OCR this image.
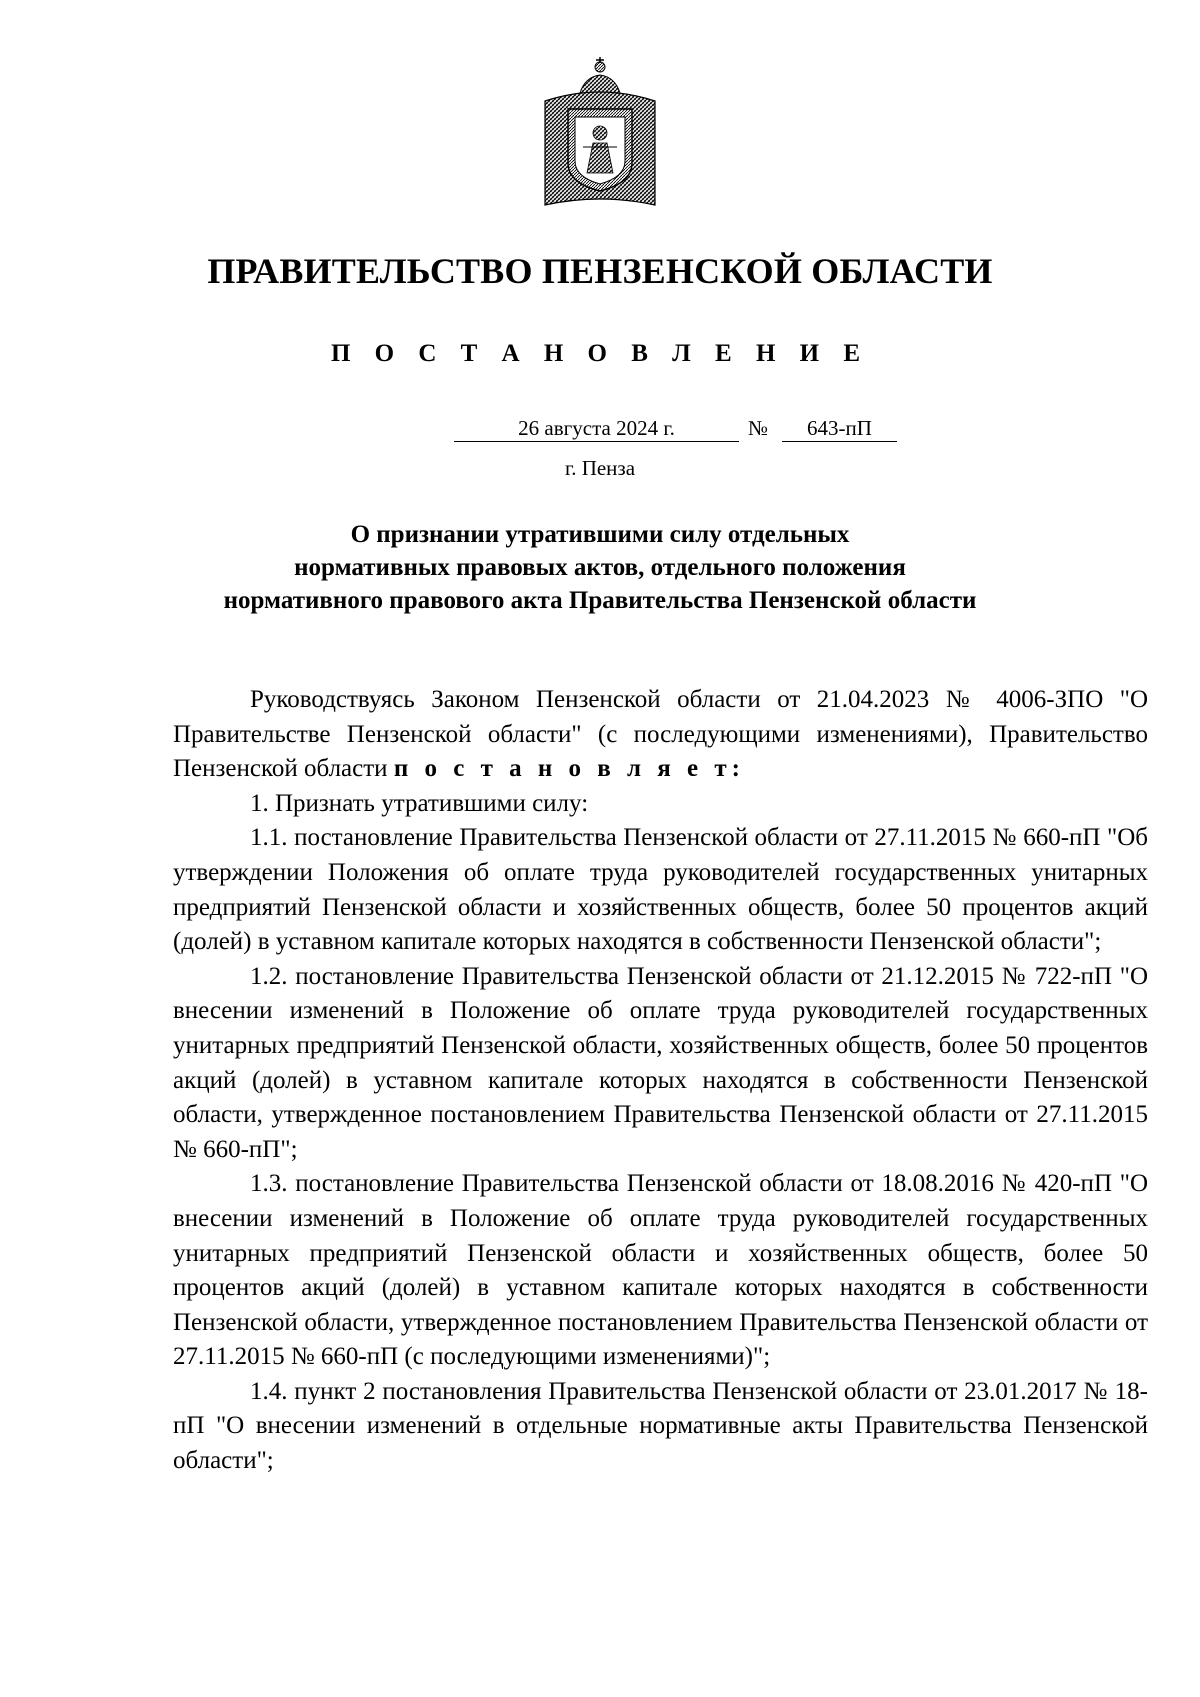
ПРАВИТЕЛЬСТВО ПЕНЗЕНСКОЙ ОБЛАСТИ
П О С Т А Н О В Л Е Н И Е
26 августа 2024 г.	№	643-пП
г. Пенза
О признании утратившими силу отдельных
нормативных правовых актов, отдельного положения
нормативного правового акта Правительства Пензенской области

Руководствуясь Законом Пензенской области от 21.04.2023 № 4006-ЗПО "О Правительстве Пензенской области" (с последующими изменениями), Правительство Пензенской области п о с т а н о в л я е т:

1. Признать утратившими силу:

1.1. постановление Правительства Пензенской области от 27.11.2015 № 660-пП "Об утверждении Положения об оплате труда руководителей государственных унитарных предприятий Пензенской области и хозяйственных обществ, более 50 процентов акций (долей) в уставном капитале которых находятся в собственности Пензенской области";

1.2. постановление Правительства Пензенской области от 21.12.2015 № 722-пП "О внесении изменений в Положение об оплате труда руководителей государственных унитарных предприятий Пензенской области, хозяйственных обществ, более 50 процентов акций (долей) в уставном капитале которых находятся в собственности Пензенской области, утвержденное постановлением Правительства Пензенской области от 27.11.2015 № 660-пП";

1.3. постановление Правительства Пензенской области от 18.08.2016 № 420-пП "О внесении изменений в Положение об оплате труда руководителей государственных унитарных предприятий Пензенской области и хозяйственных обществ, более 50 процентов акций (долей) в уставном капитале которых находятся в собственности Пензенской области, утвержденное постановлением Правительства Пензенской области от 27.11.2015 № 660-пП (с последующими изменениями)";

1.4. пункт 2 постановления Правительства Пензенской области от 23.01.2017 № 18-пП "О внесении изменений в отдельные нормативные акты Правительства Пензенской области";
